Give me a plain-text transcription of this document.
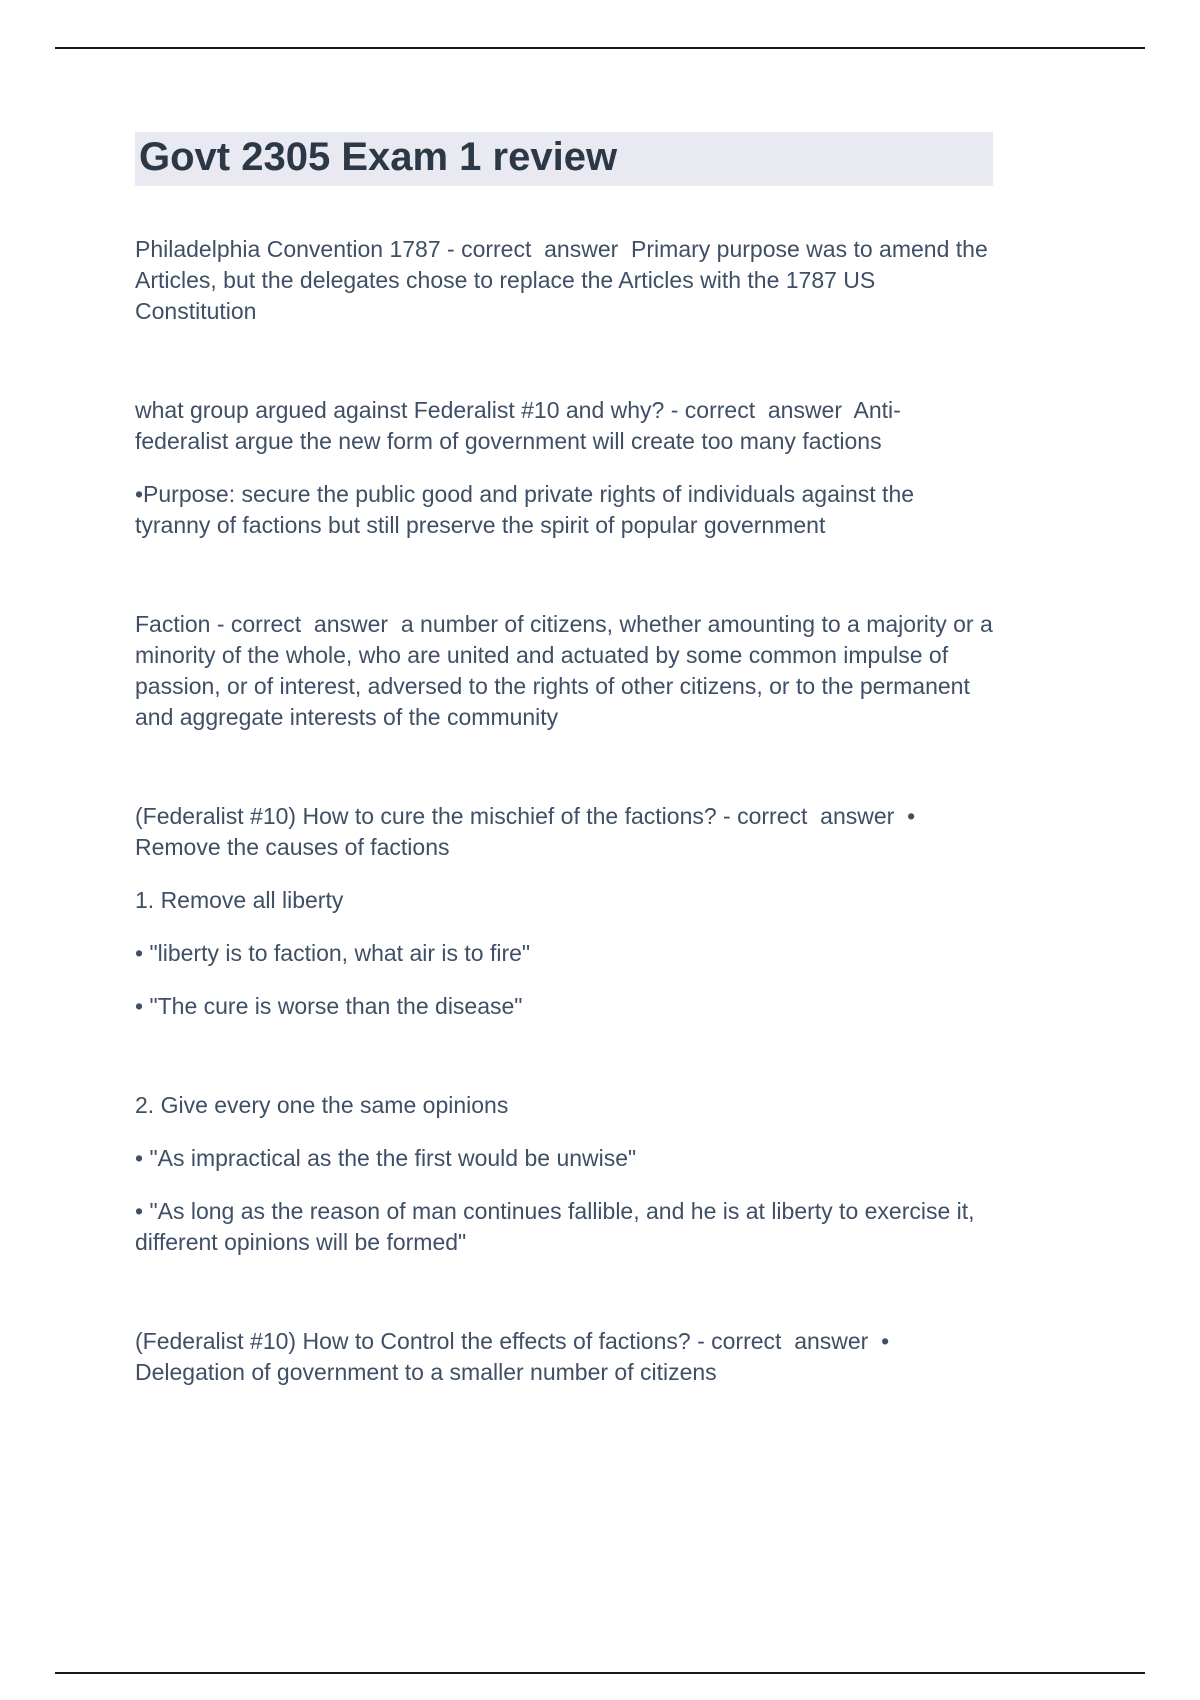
Govt 2305 Exam 1 review

Philadelphia Convention 1787 - correct  answer  Primary purpose was to amend the Articles, but the delegates chose to replace the Articles with the 1787 US Constitution

what group argued against Federalist #10 and why? - correct  answer  Anti-federalist argue the new form of government will create too many factions

•Purpose: secure the public good and private rights of individuals against the tyranny of factions but still preserve the spirit of popular government

Faction - correct  answer  a number of citizens, whether amounting to a majority or a minority of the whole, who are united and actuated by some common impulse of passion, or of interest, adversed to the rights of other citizens, or to the permanent and aggregate interests of the community

(Federalist #10) How to cure the mischief of the factions? - correct  answer  • Remove the causes of factions

1. Remove all liberty

• "liberty is to faction, what air is to fire"

• "The cure is worse than the disease"

2. Give every one the same opinions

• "As impractical as the the first would be unwise"

• "As long as the reason of man continues fallible, and he is at liberty to exercise it, different opinions will be formed"

(Federalist #10) How to Control the effects of factions? - correct  answer  • Delegation of government to a smaller number of citizens
